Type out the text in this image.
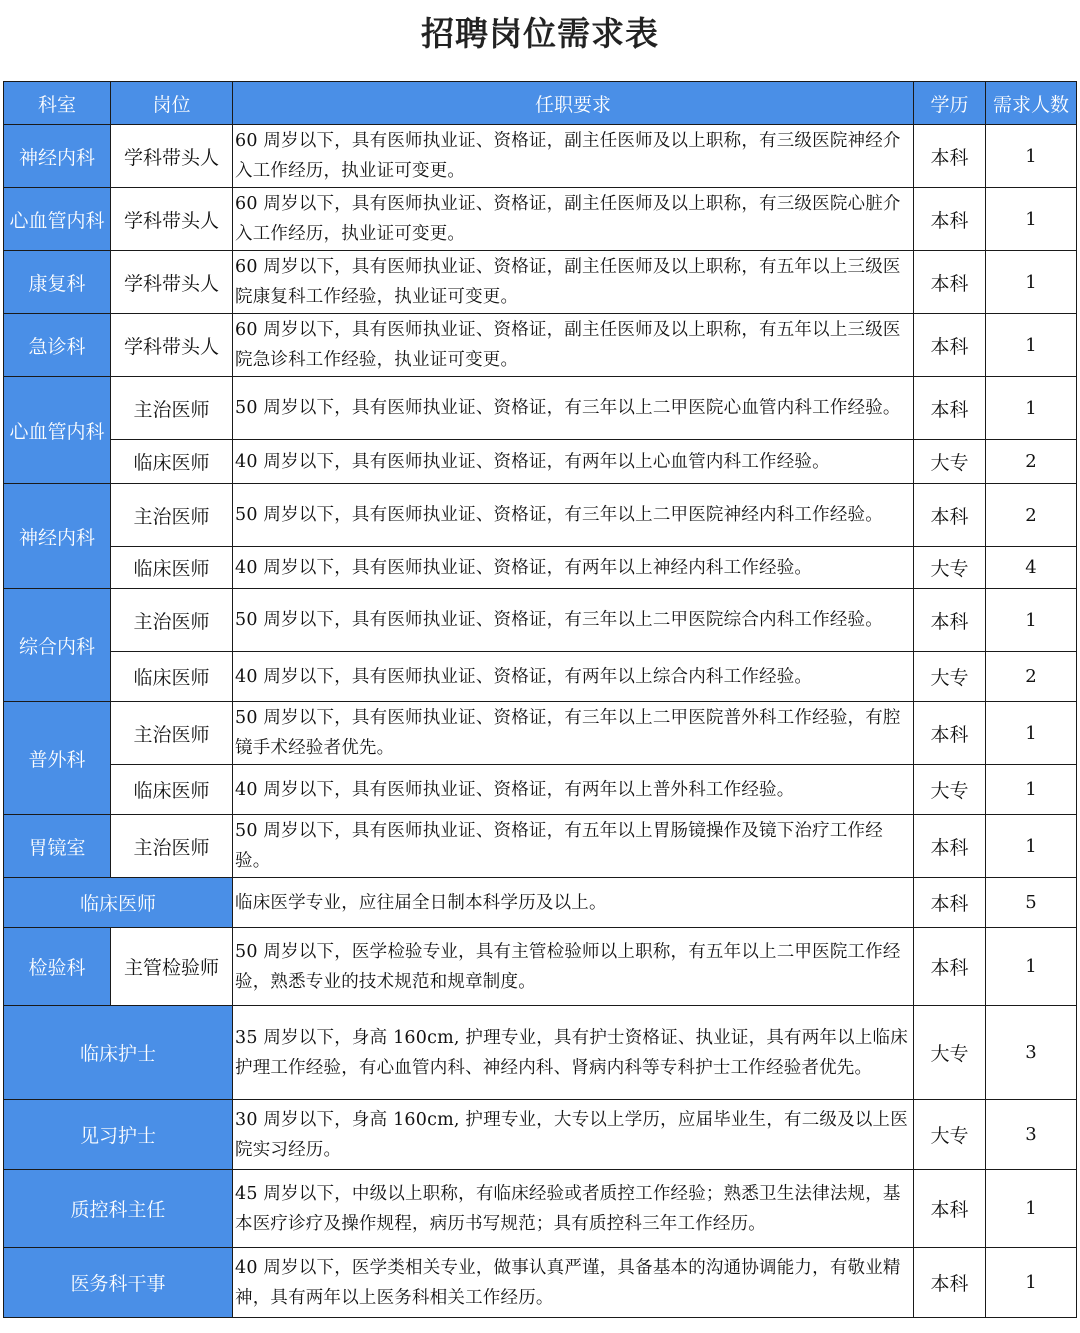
招聘岗位需求表
科室	岗位	任职要求	学历	需求人数
神经内科	学科带头人	60 周岁以下，具有医师执业证、资格证，副主任医师及以上职称，有三级医院神经介入工作经历，执业证可变更。	本科	1
心血管内科	学科带头人	60 周岁以下，具有医师执业证、资格证，副主任医师及以上职称，有三级医院心脏介入工作经历，执业证可变更。	本科	1
康复科	学科带头人	60 周岁以下，具有医师执业证、资格证，副主任医师及以上职称，有五年以上三级医院康复科工作经验，执业证可变更。	本科	1
急诊科	学科带头人	60 周岁以下，具有医师执业证、资格证，副主任医师及以上职称，有五年以上三级医院急诊科工作经验，执业证可变更。	本科	1
心血管内科	主治医师	50 周岁以下，具有医师执业证、资格证，有三年以上二甲医院心血管内科工作经验。	本科	1
	临床医师	40 周岁以下，具有医师执业证、资格证，有两年以上心血管内科工作经验。	大专	2
神经内科	主治医师	50 周岁以下，具有医师执业证、资格证，有三年以上二甲医院神经内科工作经验。	本科	2
	临床医师	40 周岁以下，具有医师执业证、资格证，有两年以上神经内科工作经验。	大专	4
综合内科	主治医师	50 周岁以下，具有医师执业证、资格证，有三年以上二甲医院综合内科工作经验。	本科	1
	临床医师	40 周岁以下，具有医师执业证、资格证，有两年以上综合内科工作经验。	大专	2
普外科	主治医师	50 周岁以下，具有医师执业证、资格证，有三年以上二甲医院普外科工作经验，有腔镜手术经验者优先。	本科	1
	临床医师	40 周岁以下，具有医师执业证、资格证，有两年以上普外科工作经验。	大专	1
胃镜室	主治医师	50 周岁以下，具有医师执业证、资格证，有五年以上胃肠镜操作及镜下治疗工作经验。	本科	1
临床医师		临床医学专业，应往届全日制本科学历及以上。	本科	5
检验科	主管检验师	50 周岁以下，医学检验专业，具有主管检验师以上职称，有五年以上二甲医院工作经验，熟悉专业的技术规范和规章制度。	本科	1
临床护士		35 周岁以下，身高 160cm, 护理专业，具有护士资格证、执业证，具有两年以上临床护理工作经验，有心血管内科、神经内科、肾病内科等专科护士工作经验者优先。	大专	3
见习护士		30 周岁以下，身高 160cm, 护理专业，大专以上学历，应届毕业生，有二级及以上医院实习经历。	大专	3
质控科主任		45 周岁以下，中级以上职称，有临床经验或者质控工作经验；熟悉卫生法律法规，基本医疗诊疗及操作规程，病历书写规范；具有质控科三年工作经历。	本科	1
医务科干事		40 周岁以下，医学类相关专业，做事认真严谨，具备基本的沟通协调能力，有敬业精神，具有两年以上医务科相关工作经历。	本科	1
